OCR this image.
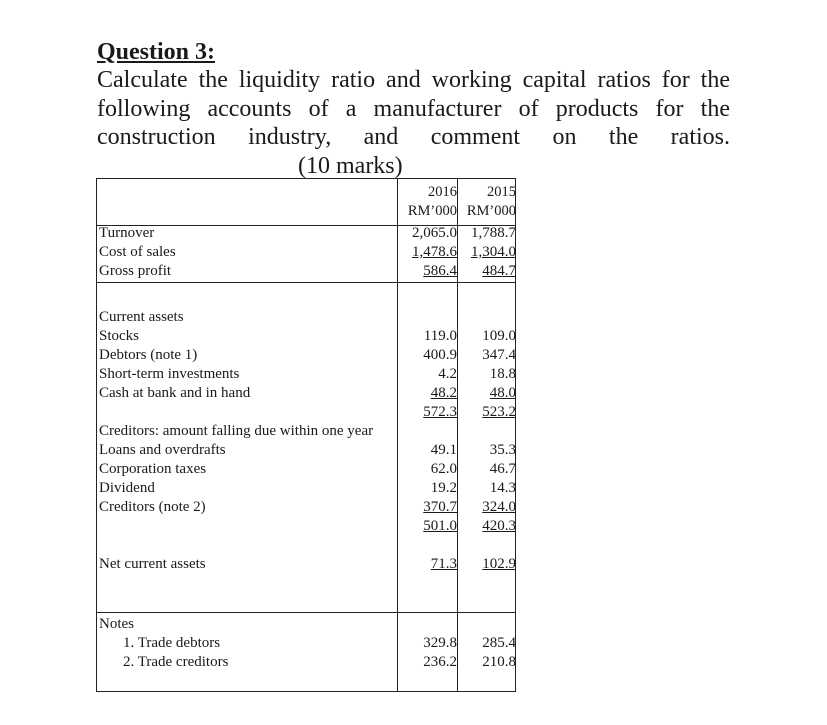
Question 3:
Calculate the liquidity ratio and working capital ratios for the following accounts of a manufacturer of products for the construction industry, and comment on the ratios.
(10 marks)
2016	2015
RM’000 RM’000
Turnover	2,065.0 1,788.7
Cost of sales	1,478.6 1,304.0
Gross profit	586.4	484.7
Current assets
Stocks	119.0	109.0
Debtors (note 1)	400.9	347.4
Short-term investments	4.2	18.8
Cash at bank and in hand	48.2	48.0
572.3	523.2
Creditors: amount falling due within one year
Loans and overdrafts	49.1	35.3
Corporation taxes	62.0	46.7
Dividend	19.2	14.3
Creditors (note 2)	370.7	324.0
501.0	420.3
Net current assets	71.3	102.9
Notes
1. Trade debtors	329.8	285.4
2. Trade creditors	236.2	210.8
